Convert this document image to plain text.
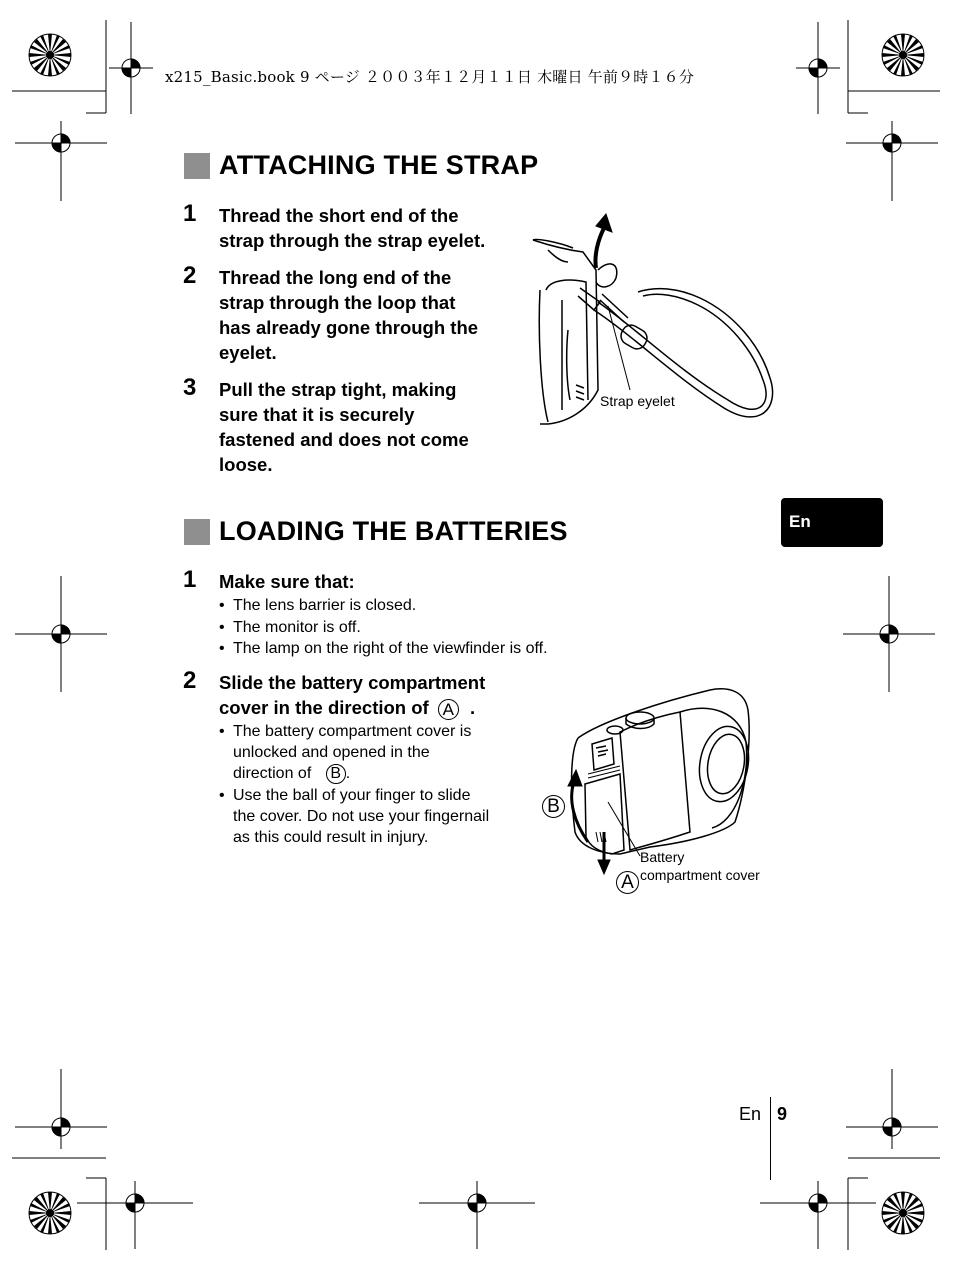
x215_Basic.book 9 ページ ２００３年１２月１１日 木曜日 午前９時１６分
ATTACHING THE STRAP
1 Thread the short end of the
strap through the strap eyelet.
2 Thread the long end of the
strap through the loop that
has already gone through the
eyelet.
3 Pull the strap tight, making
sure that it is securely
fastened and does not come
loose.
Strap eyelet
LOADING THE BATTERIES
1 Make sure that:
• The lens barrier is closed.
• The monitor is off.
• The lamp on the right of the viewfinder is off.
2 Slide the battery compartment
cover in the direction of A .
• The battery compartment cover is
unlocked and opened in the
direction of B .
• Use the ball of your finger to slide
the cover. Do not use your fingernail
as this could result in injury.
B
A
Battery
compartment cover
En
En 9
